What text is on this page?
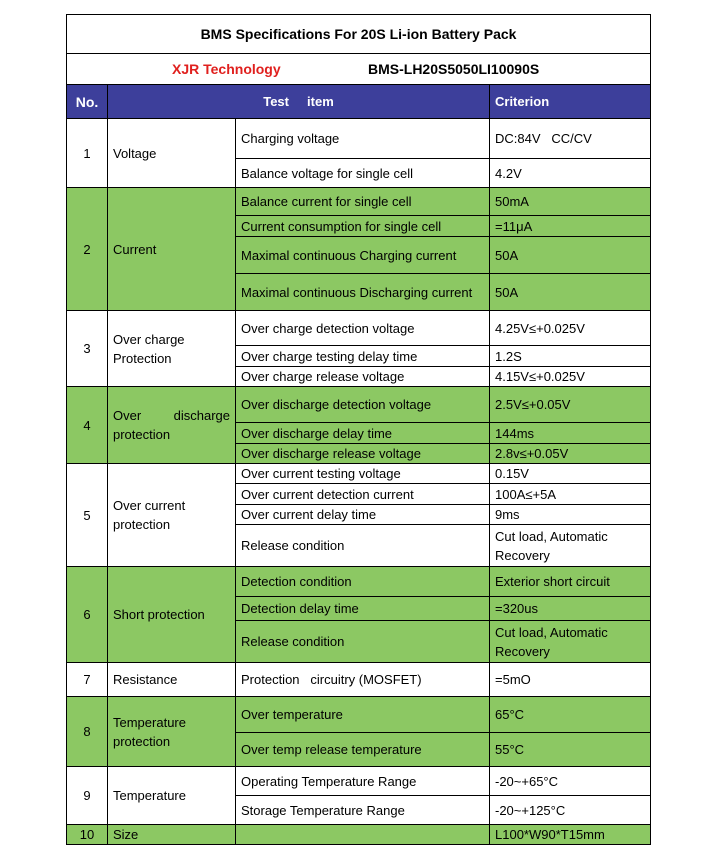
BMS Specifications For 20S Li-ion Battery Pack			

XJR Technology BMS-LH20S5050LI10090S			

No.	Test     item		Criterion
1	Voltage	Charging voltage	DC:84V   CC/CV
		Balance voltage for single cell	4.2V
2	Current	Balance current for single cell	50mA
		Current consumption for single cell	=11μA
		Maximal continuous Charging current	50A
		Maximal continuous Discharging current	50A
3	Over charge Protection	Over charge detection voltage	4.25V≤+0.025V
		Over charge testing delay time	1.2S
		Over charge release voltage	4.15V≤+0.025V
4	Over discharge protection	Over discharge detection voltage	2.5V≤+0.05V
		Over discharge delay time	144ms
		Over discharge release voltage	2.8v≤+0.05V
5	Over current protection	Over current testing voltage	0.15V
		Over current detection current	100A≤+5A
		Over current delay time	9ms
		Release condition	Cut load, Automatic Recovery
6	Short protection	Detection condition	Exterior short circuit
		Detection delay time	=320us
		Release condition	Cut load, Automatic Recovery
7	Resistance	Protection   circuitry (MOSFET)	=5mO
8	Temperature protection	Over temperature	65°C
		Over temp release temperature	55°C
9	Temperature	Operating Temperature Range	-20~+65°C
		Storage Temperature Range	-20~+125°C
10	Size		L100*W90*T15mm
